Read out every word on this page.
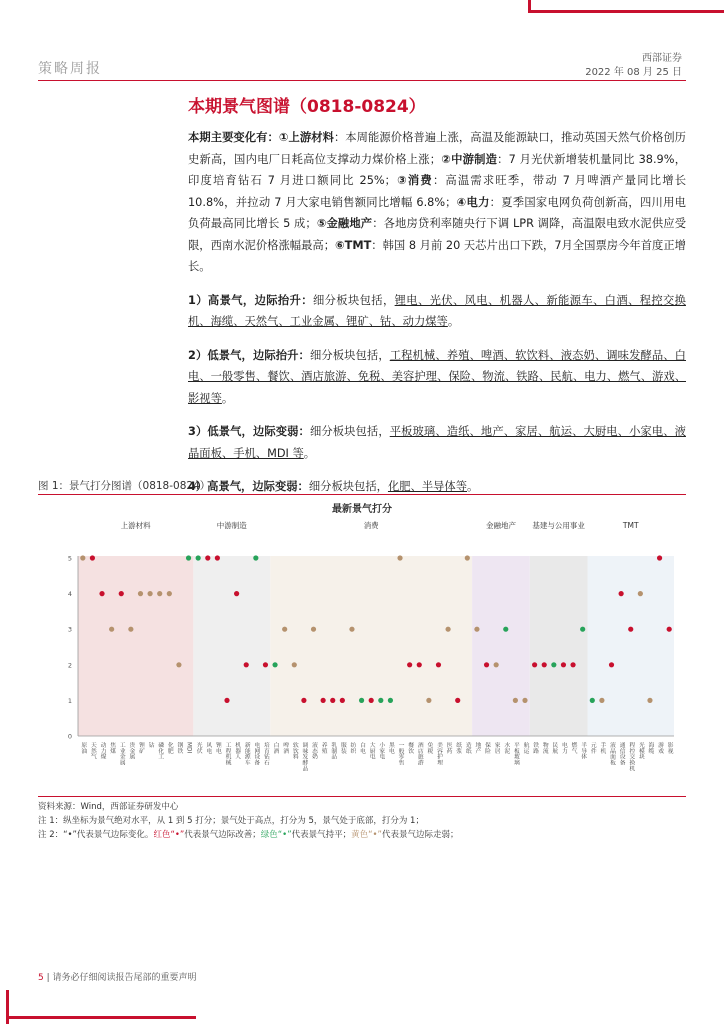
策略周报
西部证券
2022 年 08 月 25 日
本期景气图谱（0818-0824）
本期主要变化有：①上游材料：本周能源价格普遍上涨，高温及能源缺口，推动英国天然气价格创历史新高，国内电厂日耗高位支撑动力煤价格上涨；②中游制造：7 月光伏新增装机量同比 38.9%，印度培育钻石 7 月进口额同比 25%；③消费：高温需求旺季，带动 7 月啤酒产量同比增长 10.8%，并拉动 7 月大家电销售额同比增幅 6.8%；④电力：夏季国家电网负荷创新高，四川用电负荷最高同比增长 5 成；⑤金融地产：各地房贷利率随央行下调 LPR 调降，高温限电致水泥供应受限，西南水泥价格涨幅最高；⑥TMT：韩国 8 月前 20 天芯片出口下跌，7月全国票房今年首度正增长。

1）高景气，边际抬升：细分板块包括，锂电、光伏、风电、机器人、新能源车、白酒、程控交换机、海缆、天然气、工业金属、锂矿、钴、动力煤等。

2）低景气，边际抬升：细分板块包括，工程机械、养殖、啤酒、软饮料、液态奶、调味发酵品、白电、一般零售、餐饮、酒店旅游、免税、美容护理、保险、物流、铁路、民航、电力、燃气、游戏、影视等。

3）低景气，边际变弱：细分板块包括，平板玻璃、造纸、地产、家居、航运、大厨电、小家电、液晶面板、手机、MDI 等。

4）高景气，边际变弱：细分板块包括，化肥、半导体等。

图 1：景气打分图谱（0818-0824）
最新景气打分
上游材料	中游制造	消费	金融地产 基建与公用事业	TMT
0
1
2
3
4
5
原油 天然气 动力煤 焦煤 工业金属 贵金属 锂矿 钴 磷化工 化肥 钢铁 MDI 光伏 风电 锂电 工程机械 机器人 新能源车 电网设备 培育钻石 白酒 啤酒 软饮料 调味发酵品 液态奶 养殖 乳制品 服装 纺织 白电 大厨电 小家电 黑电 一般零售 餐饮 酒店旅游 免税 美容护理 医药 纸浆 造纸 地产 保险 家居 水泥 平板玻璃 航运 铁路 物流 民航 电力 燃气 半导体 元件 手机 液晶面板 通信设备 程控交换机 光模块 海缆 游戏 影视
资料来源：Wind，西部证券研发中心
注 1：纵坐标为景气绝对水平，从 1 到 5 打分；景气处于高点，打分为 5，景气处于底部，打分为 1；
注 2：“•”代表景气边际变化。红色“•”代表景气边际改善；绿色“•”代表景气持平；黄色“•”代表景气边际走弱；
5 | 请务必仔细阅读报告尾部的重要声明
